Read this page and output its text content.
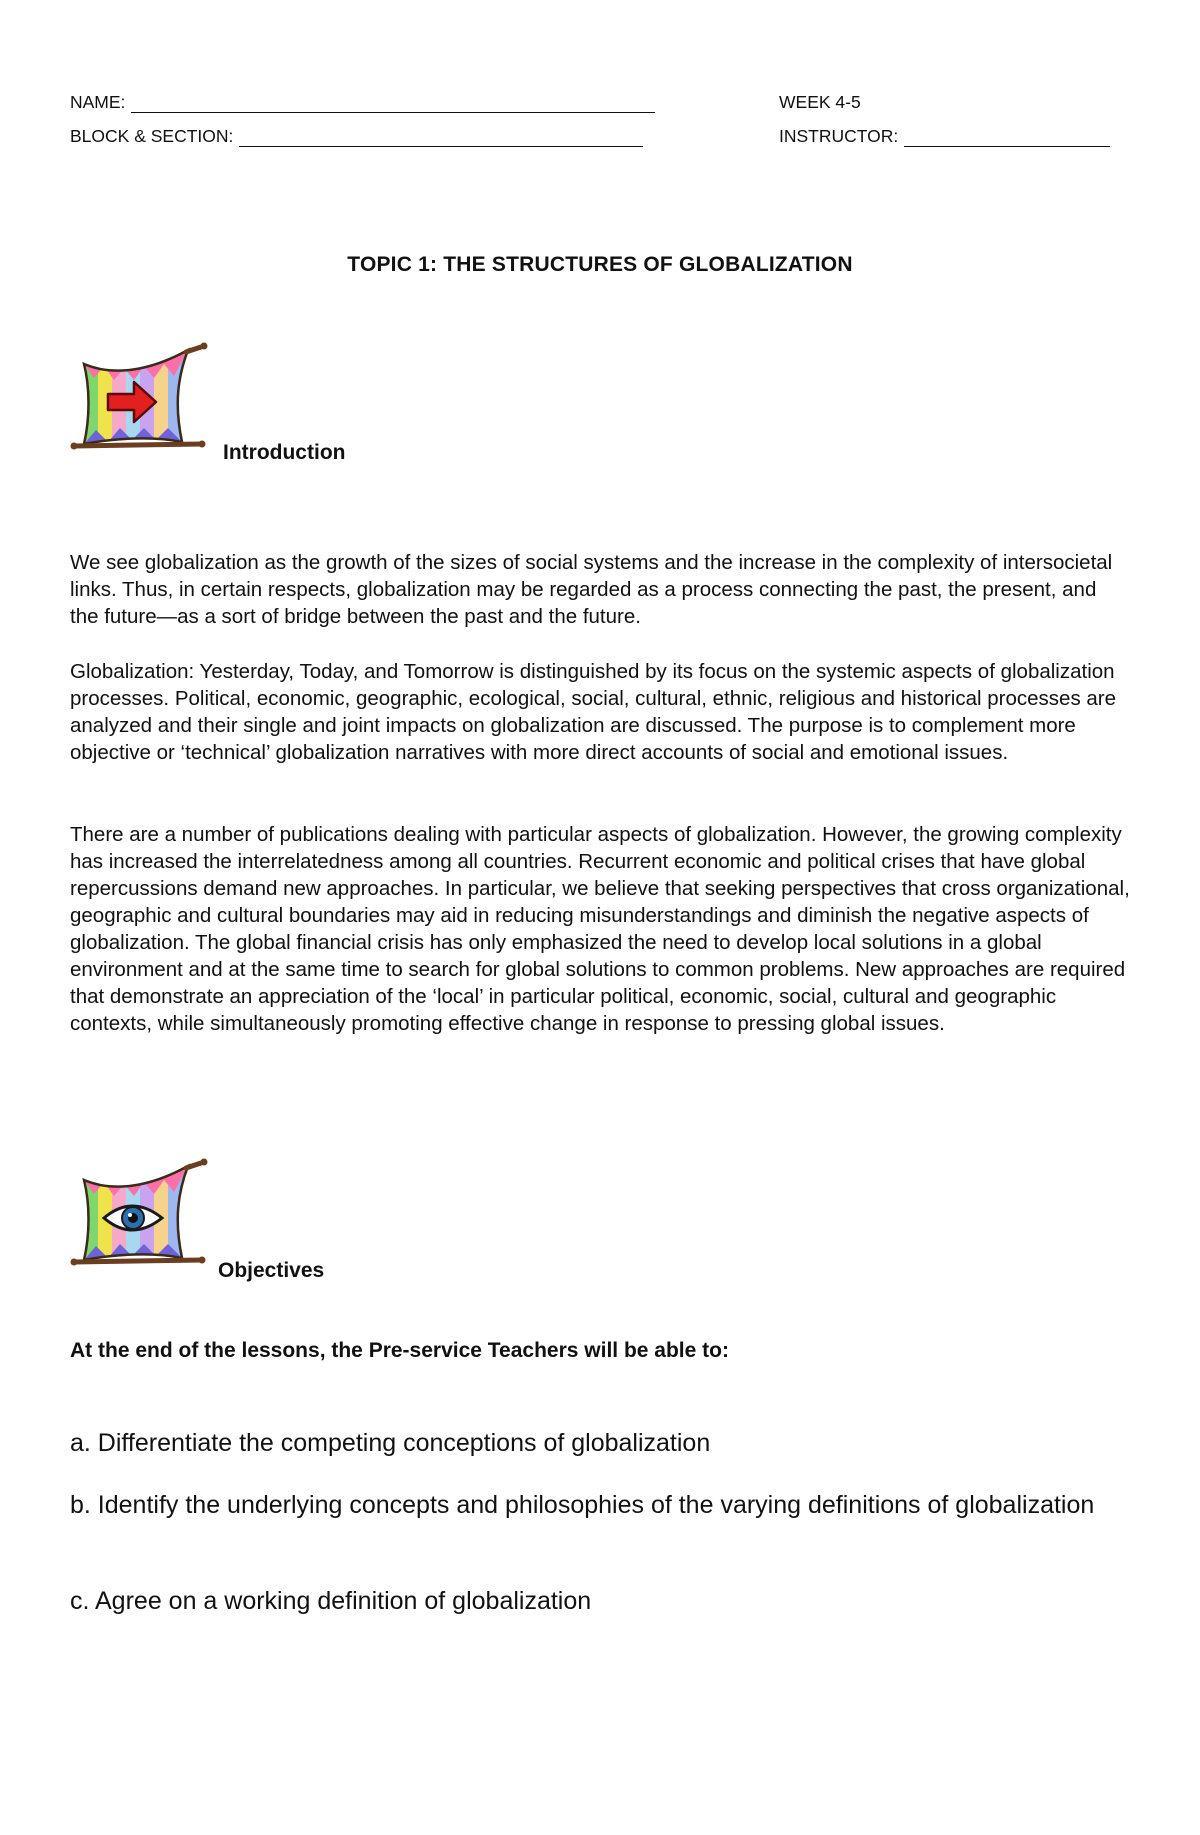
NAME:
BLOCK & SECTION:
WEEK 4-5
INSTRUCTOR:
TOPIC 1: THE STRUCTURES OF GLOBALIZATION
Introduction

We see globalization as the growth of the sizes of social systems and the increase in the complexity of intersocietal links. Thus, in certain respects, globalization may be regarded as a process connecting the past, the present, and the future—as a sort of bridge between the past and the future.

Globalization: Yesterday, Today, and Tomorrow is distinguished by its focus on the systemic aspects of globalization processes. Political, economic, geographic, ecological, social, cultural, ethnic, religious and historical processes are analyzed and their single and joint impacts on globalization are discussed. The purpose is to complement more objective or ‘technical’ globalization narratives with more direct accounts of social and emotional issues.

There are a number of publications dealing with particular aspects of globalization. However, the growing complexity has increased the interrelatedness among all countries. Recurrent economic and political crises that have global repercussions demand new approaches. In particular, we believe that seeking perspectives that cross organizational, geographic and cultural boundaries may aid in reducing misunderstandings and diminish the negative aspects of globalization. The global financial crisis has only emphasized the need to develop local solutions in a global environment and at the same time to search for global solutions to common problems. New approaches are required that demonstrate an appreciation of the ‘local’ in particular political, economic, social, cultural and geographic contexts, while simultaneously promoting effective change in response to pressing global issues.

Objectives
At the end of the lessons, the Pre-service Teachers will be able to:

a. Differentiate the competing conceptions of globalization

b. Identify the underlying concepts and philosophies of the varying definitions of globalization

c. Agree on a working definition of globalization
